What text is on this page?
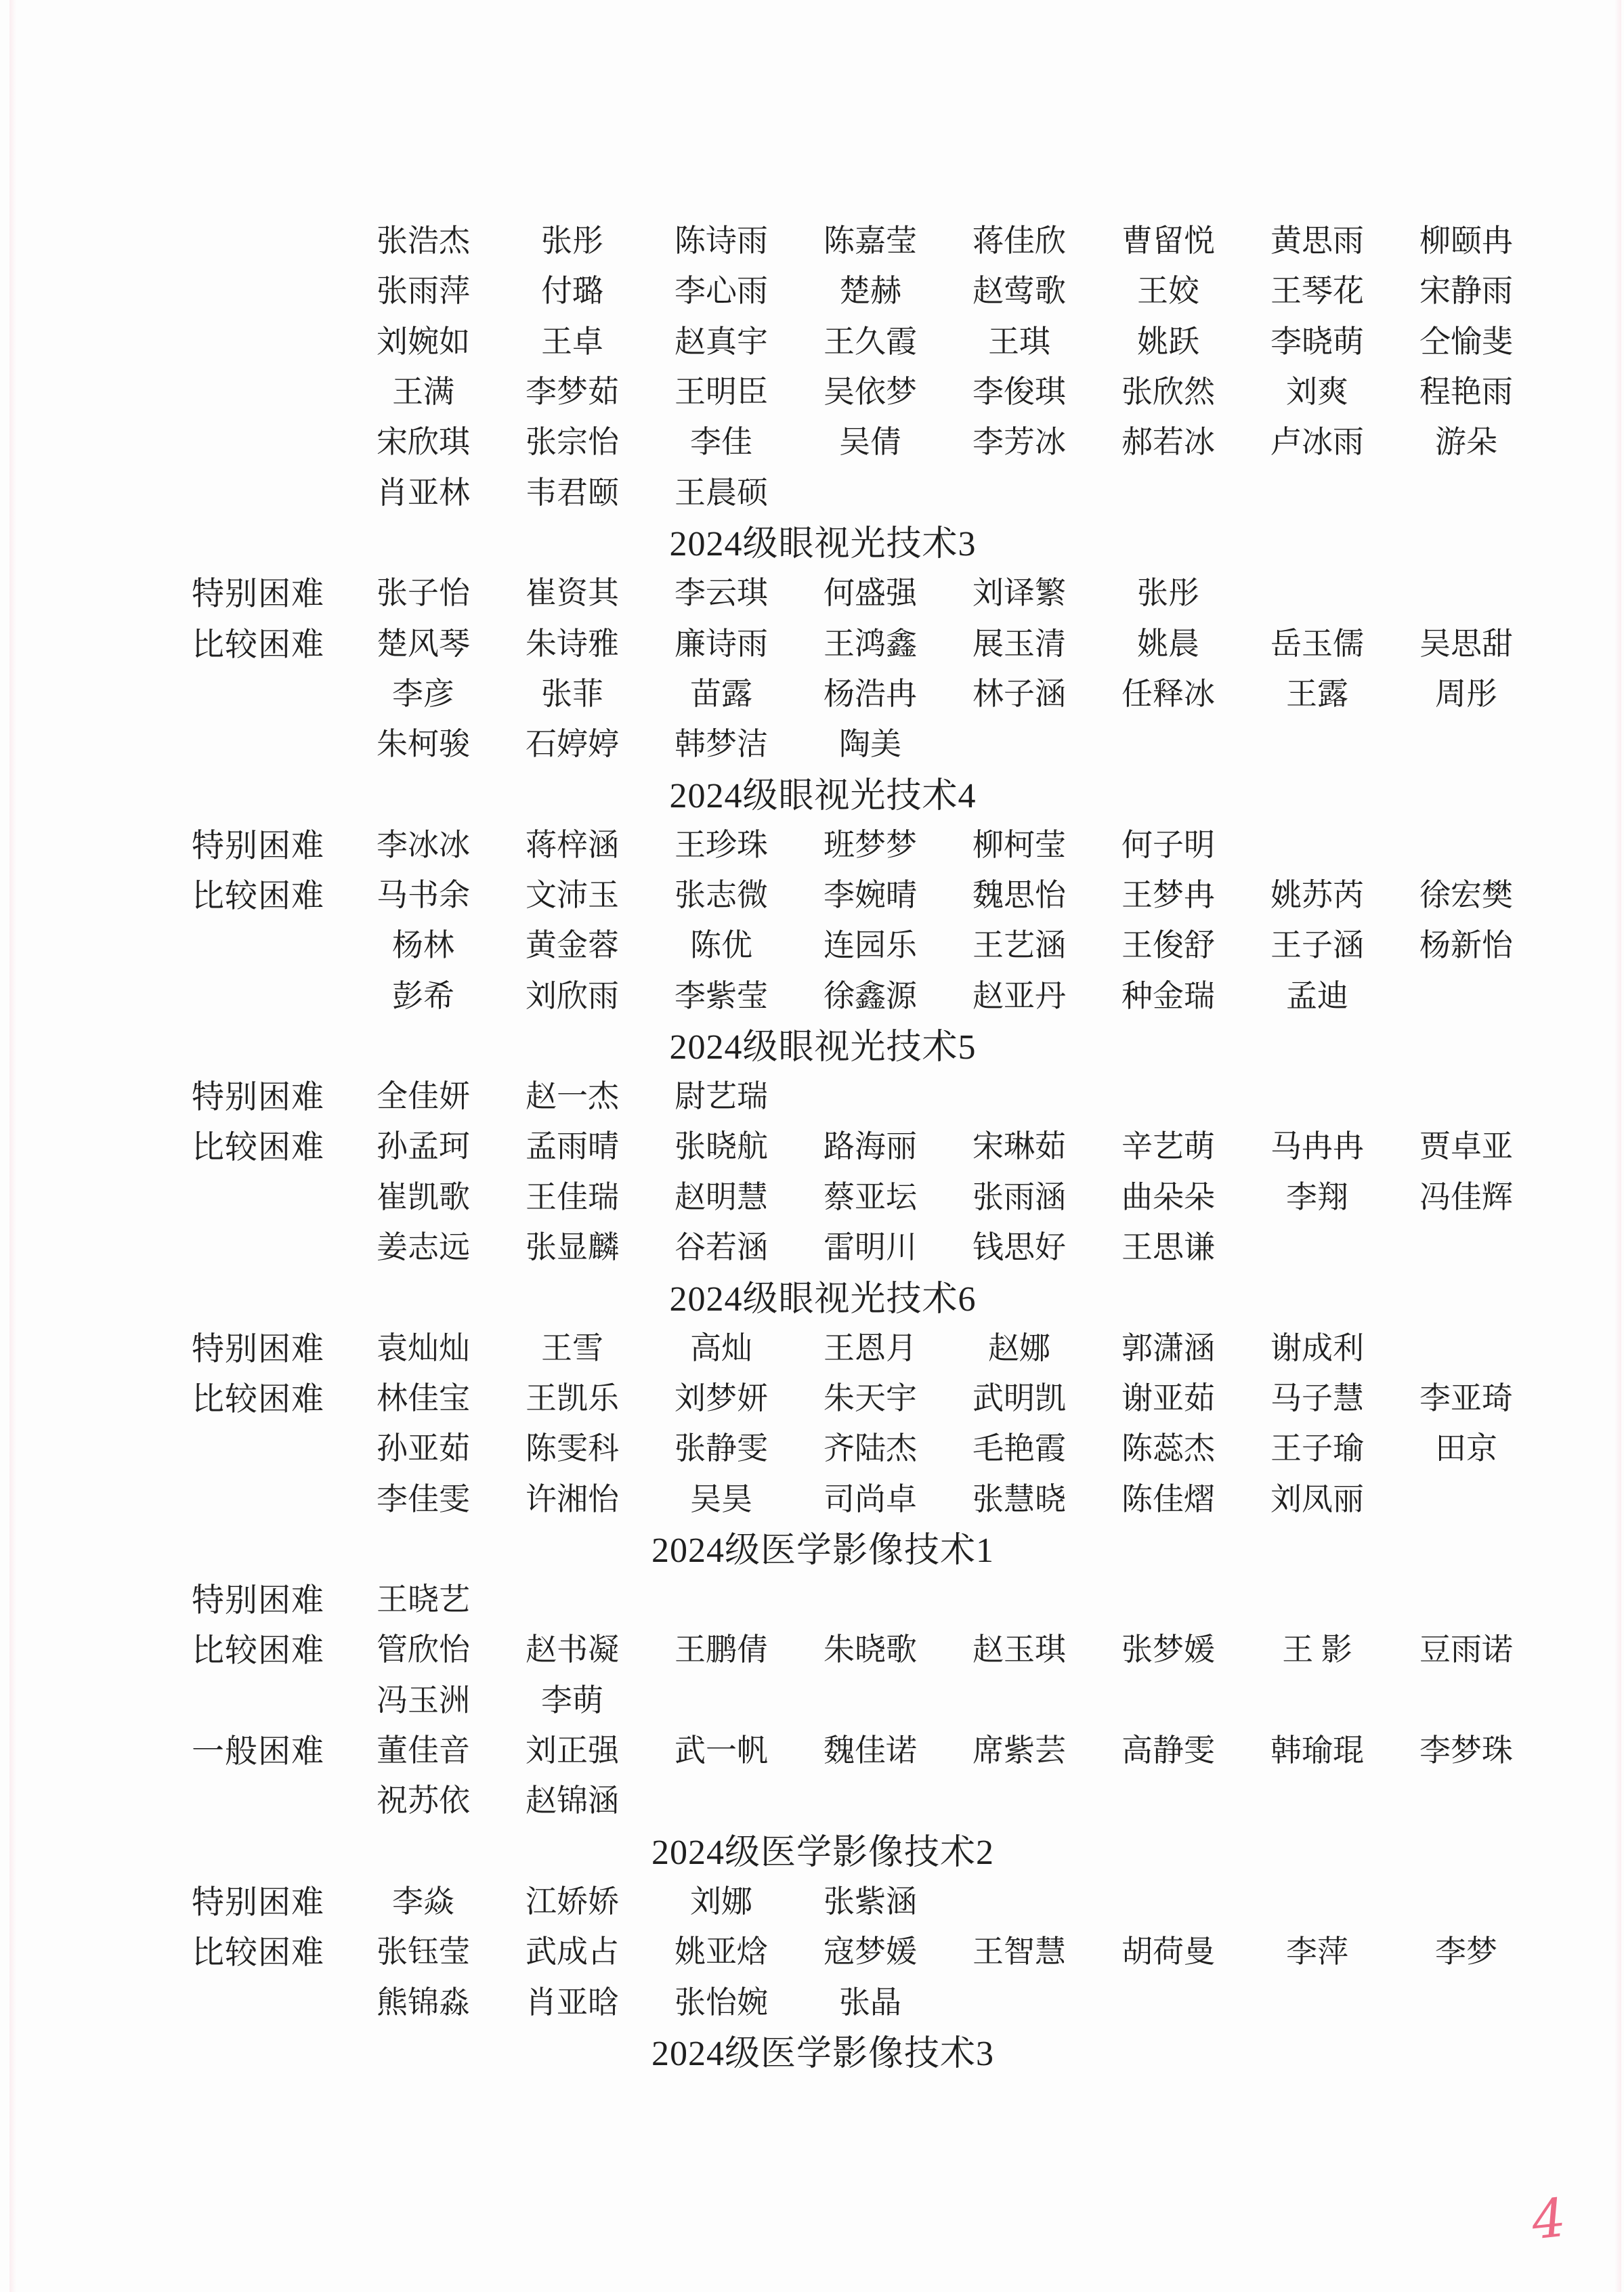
张浩杰 张彤 陈诗雨 陈嘉莹 蒋佳欣 曹留悦 黄思雨 柳颐冉
张雨萍 付璐 李心雨 楚赫 赵莺歌 王姣 王琴花 宋静雨
刘婉如 王卓 赵真宇 王久霞 王琪	姚跃 李晓萌 仝愉斐
王满 李梦茹 王明臣 吴依梦 李俊琪 张欣然 刘爽 程艳雨
宋欣琪 张宗怡 李佳	吴倩 李芳冰 郝若冰 卢冰雨 游朵
肖亚林 韦君颐 王晨硕
2024级眼视光技术3
特别困难 张子怡 崔资其 李云琪 何盛强 刘译繁 张彤
比较困难 楚风琴 朱诗雅 廉诗雨 王鸿鑫 展玉清 姚晨 岳玉儒 吴思甜
李彦	张菲	苗露 杨浩冉 林子涵 任释冰 王露	周彤
朱柯骏 石婷婷 韩梦洁 陶美
2024级眼视光技术4
特别困难 李冰冰 蒋梓涵 王珍珠 班梦梦 柳柯莹 何子明
比较困难 马书余 文沛玉 张志微 李婉晴 魏思怡 王梦冉 姚苏芮 徐宏樊
杨林 黄金蓉 陈优 连园乐 王艺涵 王俊舒 王子涵 杨新怡
彭希 刘欣雨 李紫莹 徐鑫源 赵亚丹 种金瑞 孟迪
2024级眼视光技术5
特别困难 全佳妍 赵一杰 尉艺瑞
比较困难 孙孟珂 孟雨晴 张晓航 路海丽 宋琳茹 辛艺萌 马冉冉 贾卓亚
崔凯歌 王佳瑞 赵明慧 蔡亚坛 张雨涵 曲朵朵 李翔 冯佳辉
姜志远 张显麟 谷若涵 雷明川 钱思好 王思谦
2024级眼视光技术6
特别困难 袁灿灿 王雪	高灿 王恩月 赵娜 郭潇涵 谢成利
比较困难 林佳宝 王凯乐 刘梦妍 朱天宇 武明凯 谢亚茹 马子慧 李亚琦
孙亚茹 陈雯科 张静雯 齐陆杰 毛艳霞 陈蕊杰 王子瑜 田京
李佳雯 许湘怡 吴昊 司尚卓 张慧晓 陈佳熠 刘凤丽
2024级医学影像技术1
特别困难 王晓艺
比较困难 管欣怡 赵书凝 王鹏倩 朱晓歌 赵玉琪 张梦媛 王 影 豆雨诺
冯玉洲 李萌
一般困难 董佳音 刘正强 武一帆 魏佳诺 席紫芸 高静雯 韩瑜琨 李梦珠
祝苏依 赵锦涵
2024级医学影像技术2
特别困难 李焱 江娇娇 刘娜 张紫涵
比较困难 张钰莹 武成占 姚亚焓 寇梦媛 王智慧 胡荷曼 李萍	李梦
熊锦淼 肖亚晗 张怡婉 张晶
2024级医学影像技术3
4
